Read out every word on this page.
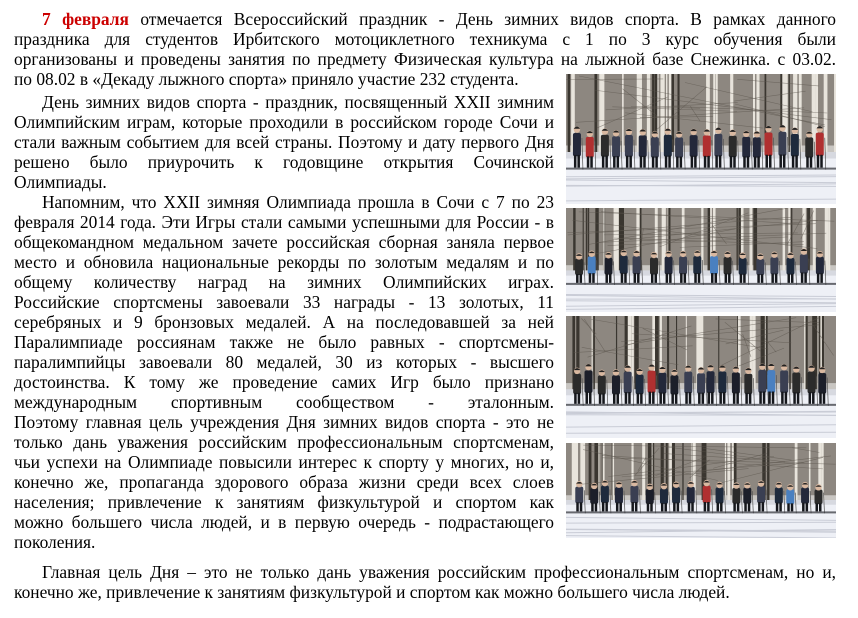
7 февраля отмечается Всероссийский праздник - День зимних видов спорта. В рамках данного
праздника для студентов Ирбитского мотоциклетного техникума с 1 по 3 курс обучения были
организованы и проведены занятия по предмету Физическая культура на лыжной базе Снежинка. с 03.02.
по 08.02 в «Декаду лыжного спорта» приняло участие 232 студента.
День зимних видов спорта - праздник, посвященный XXII зимним
Олимпийским играм, которые проходили в российском городе Сочи и
стали важным событием для всей страны. Поэтому и дату первого Дня
решено было приурочить к годовщине открытия Сочинской
Олимпиады.
Напомним, что XXII зимняя Олимпиада прошла в Сочи с 7 по 23
февраля 2014 года. Эти Игры стали самыми успешными для России - в
общекомандном медальном зачете российская сборная заняла первое
место и обновила национальные рекорды по золотым медалям и по
общему количеству наград на зимних Олимпийских играх.
Российские спортсмены завоевали 33 награды - 13 золотых, 11
серебряных и 9 бронзовых медалей. А на последовавшей за ней
Паралимпиаде россиянам также не было равных - спортсмены-
паралимпийцы завоевали 80 медалей, 30 из которых - высшего
достоинства. К тому же проведение самих Игр было признано
международным спортивным сообществом - эталонным.
Поэтому главная цель учреждения Дня зимних видов спорта - это не
только дань уважения российским профессиональным спортсменам,
чьи успехи на Олимпиаде повысили интерес к спорту у многих, но и,
конечно же, пропаганда здорового образа жизни среди всех слоев
населения; привлечение к занятиям физкультурой и спортом как
можно большего числа людей, и в первую очередь - подрастающего
поколения.
Главная цель Дня – это не только дань уважения российским профессиональным спортсменам, но и,
конечно же, привлечение к занятиям физкультурой и спортом как можно большего числа людей.
